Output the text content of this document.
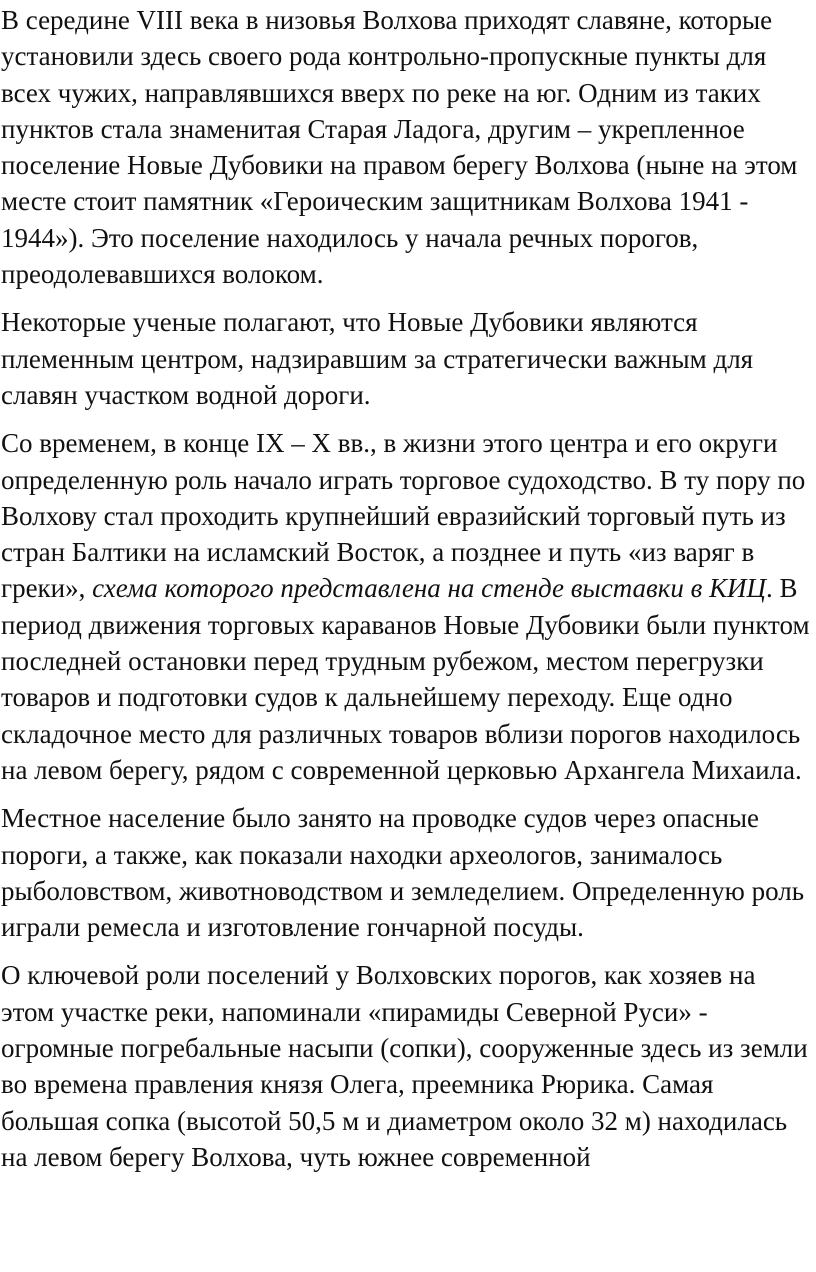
В середине VIII века в низовья Волхова приходят славяне, которые установили здесь своего рода контрольно-пропускные пункты для всех чужих, направлявшихся вверх по реке на юг. Одним из таких пунктов стала знаменитая Старая Ладога, другим – укрепленное поселение Новые Дубовики на правом берегу Волхова (ныне на этом месте стоит памятник «Героическим защитникам Волхова 1941 - 1944»). Это поселение находилось у начала речных порогов, преодолевавшихся волоком.

Некоторые ученые полагают, что Новые Дубовики являются племенным центром, надзиравшим за стратегически важным для славян участком водной дороги.

Со временем, в конце IX – X вв., в жизни этого центра и его округи определенную роль начало играть торговое судоходство. В ту пору по Волхову стал проходить крупнейший евразийский торговый путь из стран Балтики на исламский Восток, а позднее и путь «из варяг в греки», схема которого представлена на стенде выставки в КИЦ. В период движения торговых караванов Новые Дубовики были пунктом последней остановки перед трудным рубежом, местом перегрузки товаров и подготовки судов к дальнейшему переходу. Еще одно складочное место для различных товаров вблизи порогов находилось на левом берегу, рядом с современной церковью Архангела Михаила.

Местное население было занято на проводке судов через опасные пороги, а также, как показали находки археологов, занималось рыболовством, животноводством и земледелием. Определенную роль играли ремесла и изготовление гончарной посуды.

О ключевой роли поселений у Волховских порогов, как хозяев на этом участке реки, напоминали «пирамиды Северной Руси» - огромные погребальные насыпи (сопки), сооруженные здесь из земли во времена правления князя Олега, преемника Рюрика. Самая большая сопка (высотой 50,5 м и диаметром около 32 м) находилась на левом берегу Волхова, чуть южнее современной
